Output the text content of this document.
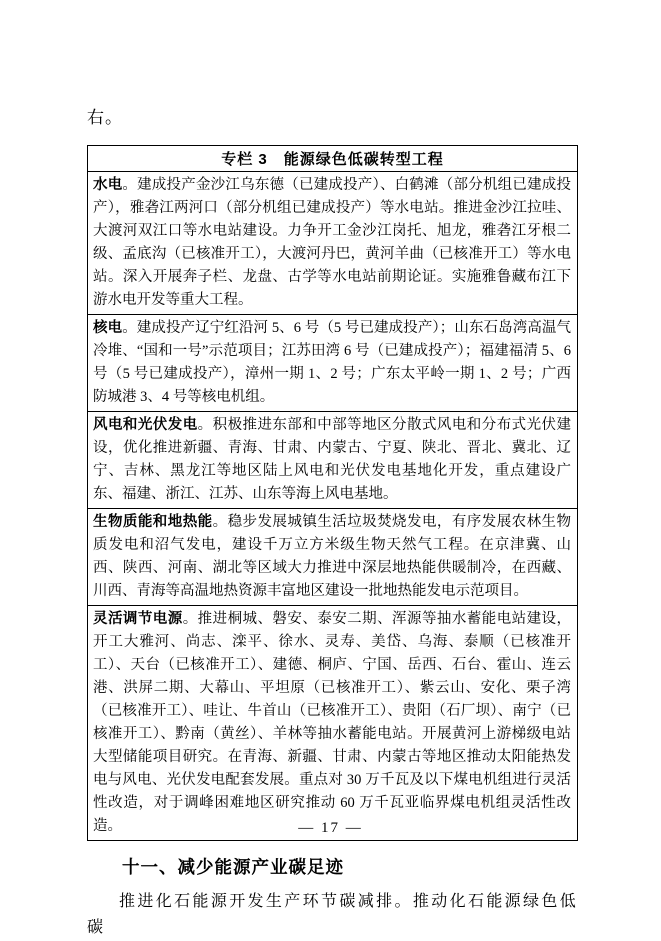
右。

专栏 3　能源绿色低碳转型工程
水电。建成投产金沙江乌东德（已建成投产）、白鹤滩（部分机组已建成投产），雅砻江两河口（部分机组已建成投产）等水电站。推进金沙江拉哇、大渡河双江口等水电站建设。力争开工金沙江岗托、旭龙，雅砻江牙根二级、孟底沟（已核准开工），大渡河丹巴，黄河羊曲（已核准开工）等水电站。深入开展奔子栏、龙盘、古学等水电站前期论证。实施雅鲁藏布江下游水电开发等重大工程。
核电。建成投产辽宁红沿河 5、6 号（5 号已建成投产）；山东石岛湾高温气冷堆、“国和一号”示范项目；江苏田湾 6 号（已建成投产）；福建福清 5、6 号（5 号已建成投产），漳州一期 1、2 号；广东太平岭一期 1、2 号；广西防城港 3、4 号等核电机组。
风电和光伏发电。积极推进东部和中部等地区分散式风电和分布式光伏建设，优化推进新疆、青海、甘肃、内蒙古、宁夏、陕北、晋北、冀北、辽宁、吉林、黑龙江等地区陆上风电和光伏发电基地化开发，重点建设广东、福建、浙江、江苏、山东等海上风电基地。
生物质能和地热能。稳步发展城镇生活垃圾焚烧发电，有序发展农林生物质发电和沼气发电，建设千万立方米级生物天然气工程。在京津冀、山西、陕西、河南、湖北等区域大力推进中深层地热能供暖制冷，在西藏、川西、青海等高温地热资源丰富地区建设一批地热能发电示范项目。
灵活调节电源。推进桐城、磐安、泰安二期、浑源等抽水蓄能电站建设，开工大雅河、尚志、滦平、徐水、灵寿、美岱、乌海、泰顺（已核准开工）、天台（已核准开工）、建德、桐庐、宁国、岳西、石台、霍山、连云港、洪屏二期、大幕山、平坦原（已核准开工）、紫云山、安化、栗子湾（已核准开工）、哇让、牛首山（已核准开工）、贵阳（石厂坝）、南宁（已核准开工）、黔南（黄丝）、羊林等抽水蓄能电站。开展黄河上游梯级电站大型储能项目研究。在青海、新疆、甘肃、内蒙古等地区推动太阳能热发电与风电、光伏发电配套发展。重点对 30 万千瓦及以下煤电机组进行灵活性改造，对于调峰困难地区研究推动 60 万千瓦亚临界煤电机组灵活性改造。
十一、减少能源产业碳足迹

推进化石能源开发生产环节碳减排。推动化石能源绿色低碳

— 17 —
